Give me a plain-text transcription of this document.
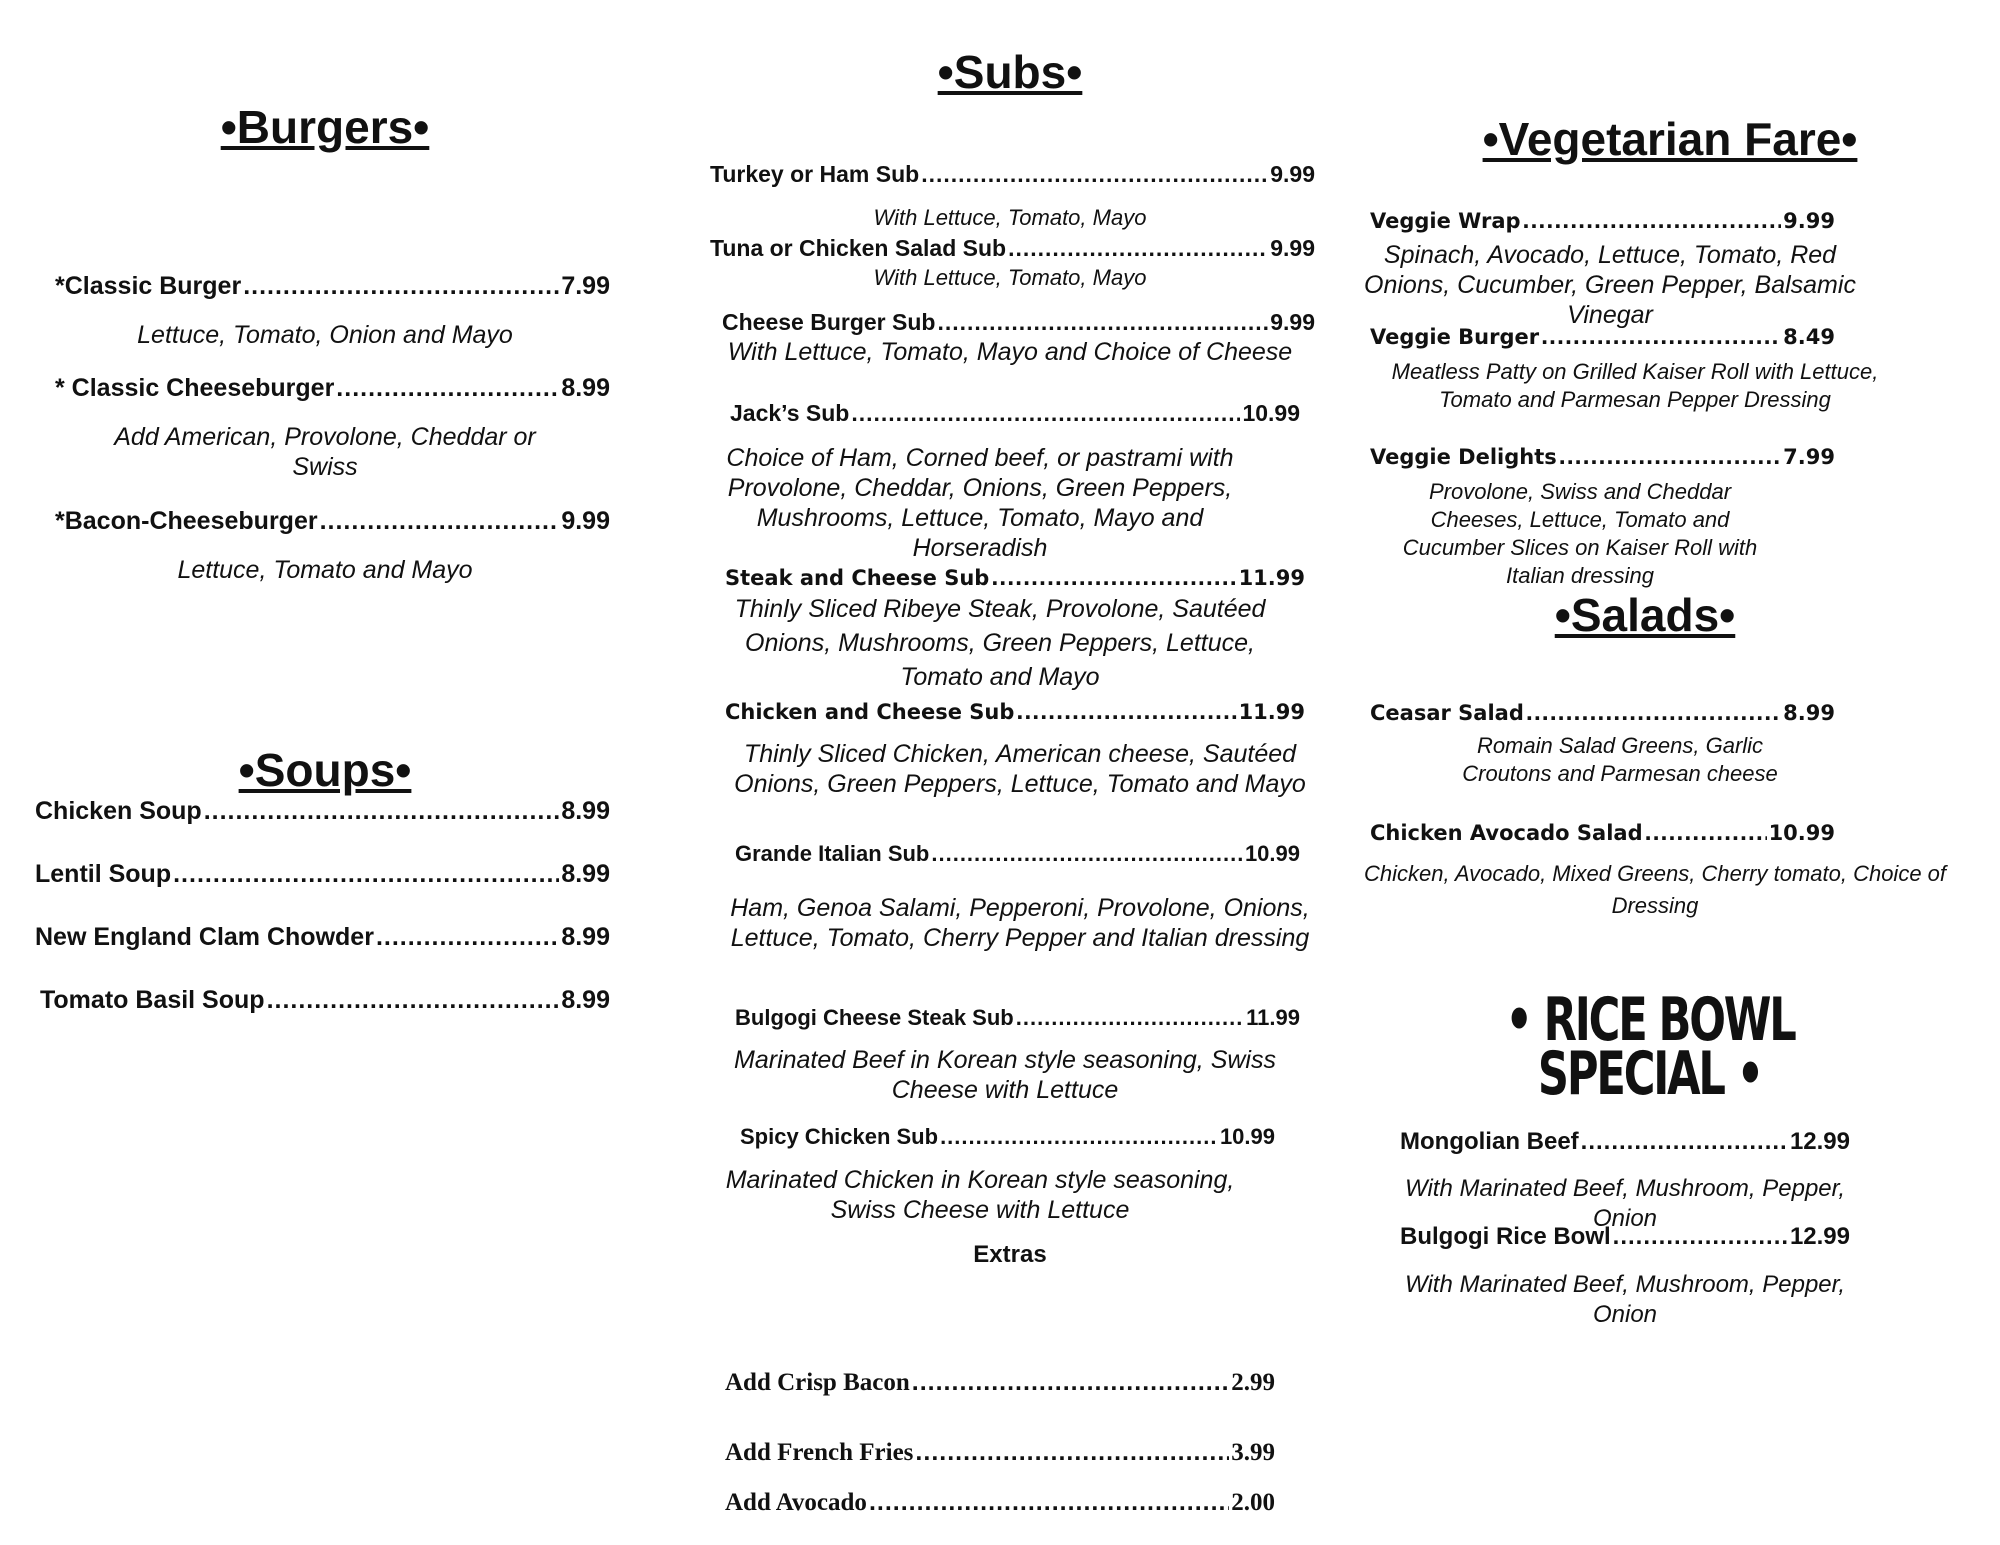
•Burgers•
*Classic Burger .....	7.99
Lettuce, Tomato, Onion and Mayo
* Classic Cheeseburger .....	8.99
Add American, Provolone, Cheddar or Swiss
*Bacon-Cheeseburger .....	9.99
Lettuce, Tomato and Mayo
•Soups•
Chicken Soup .....	8.99
Lentil Soup .....	8.99
New England Clam Chowder .....	8.99
Tomato Basil Soup .....	8.99
•Subs•
Turkey or Ham Sub .....	9.99
With Lettuce, Tomato, Mayo
Tuna or Chicken Salad Sub .....	9.99
With Lettuce, Tomato, Mayo
Cheese Burger Sub .....	9.99
With Lettuce, Tomato, Mayo and Choice of Cheese
Jack’s Sub .....	10.99
Choice of Ham, Corned beef, or pastrami with Provolone, Cheddar, Onions, Green Peppers, Mushrooms, Lettuce, Tomato, Mayo and Horseradish
Steak and Cheese Sub .....	11.99
Thinly Sliced Ribeye Steak, Provolone, Sautéed Onions, Mushrooms, Green Peppers, Lettuce, Tomato and Mayo
Chicken and Cheese Sub .....	11.99
Thinly Sliced Chicken, American cheese, Sautéed Onions, Green Peppers, Lettuce, Tomato and Mayo
Grande Italian Sub .....	10.99
Ham, Genoa Salami, Pepperoni, Provolone, Onions, Lettuce, Tomato, Cherry Pepper and Italian dressing
Bulgogi Cheese Steak Sub .....	11.99
Marinated Beef in Korean style seasoning, Swiss Cheese with Lettuce
Spicy Chicken Sub .....	10.99
Marinated Chicken in Korean style seasoning, Swiss Cheese with Lettuce
Extras
Add Crisp Bacon .....	2.99
Add French Fries .....	3.99
Add Avocado .....	2.00
•Vegetarian Fare•
Veggie Wrap .....	9.99
Spinach, Avocado, Lettuce, Tomato, Red Onions, Cucumber, Green Pepper, Balsamic Vinegar
Veggie Burger .....	8.49
Meatless Patty on Grilled Kaiser Roll with Lettuce, Tomato and Parmesan Pepper Dressing
Veggie Delights .....	7.99
Provolone, Swiss and Cheddar Cheeses, Lettuce, Tomato and Cucumber Slices on Kaiser Roll with Italian dressing
•Salads•
Ceasar Salad .....	8.99
Romain Salad Greens, Garlic Croutons and Parmesan cheese
Chicken Avocado Salad .....	10.99
Chicken, Avocado, Mixed Greens, Cherry tomato, Choice of Dressing
• RICE BOWL SPECIAL •
Mongolian Beef .....	12.99
With Marinated Beef, Mushroom, Pepper, Onion
Bulgogi Rice Bowl .....	12.99
With Marinated Beef, Mushroom, Pepper, Onion
